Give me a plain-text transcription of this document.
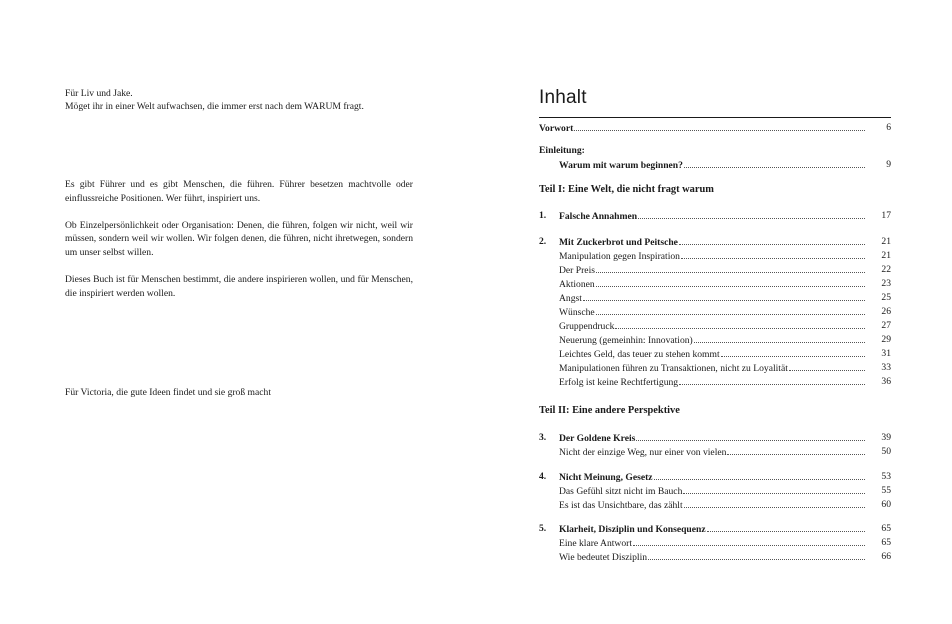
Für Liv und Jake.

Möget ihr in einer Welt aufwachsen, die immer erst nach dem WARUM fragt.

Es gibt Führer und es gibt Menschen, die führen. Führer besetzen machtvolle oder einflussreiche Positionen. Wer führt, inspiriert uns.

Ob Einzelpersönlichkeit oder Organisation: Denen, die führen, folgen wir nicht, weil wir müssen, sondern weil wir wollen. Wir folgen denen, die führen, nicht ihretwegen, sondern um unser selbst willen.

Dieses Buch ist für Menschen bestimmt, die andere inspirieren wollen, und für Menschen, die inspiriert werden wollen.

Für Victoria, die gute Ideen findet und sie groß macht

Inhalt
Vorwort	6
Einleitung:
Warum mit warum beginnen?	9

Teil I: Eine Welt, die nicht fragt warum

1. Falsche Annahmen	17
2. Mit Zuckerbrot und Peitsche	21
Manipulation gegen Inspiration	21
Der Preis	22
Aktionen	23
Angst	25
Wünsche	26
Gruppendruck	27
Neuerung (gemeinhin: Innovation)	29
Leichtes Geld, das teuer zu stehen kommt	31
Manipulationen führen zu Transaktionen, nicht zu Loyalität	33
Erfolg ist keine Rechtfertigung	36

Teil II: Eine andere Perspektive

3. Der Goldene Kreis	39
Nicht der einzige Weg, nur einer von vielen	50
4. Nicht Meinung, Gesetz	53
Das Gefühl sitzt nicht im Bauch	55
Es ist das Unsichtbare, das zählt	60
5. Klarheit, Disziplin und Konsequenz	65
Eine klare Antwort	65
Wie bedeutet Disziplin	66
